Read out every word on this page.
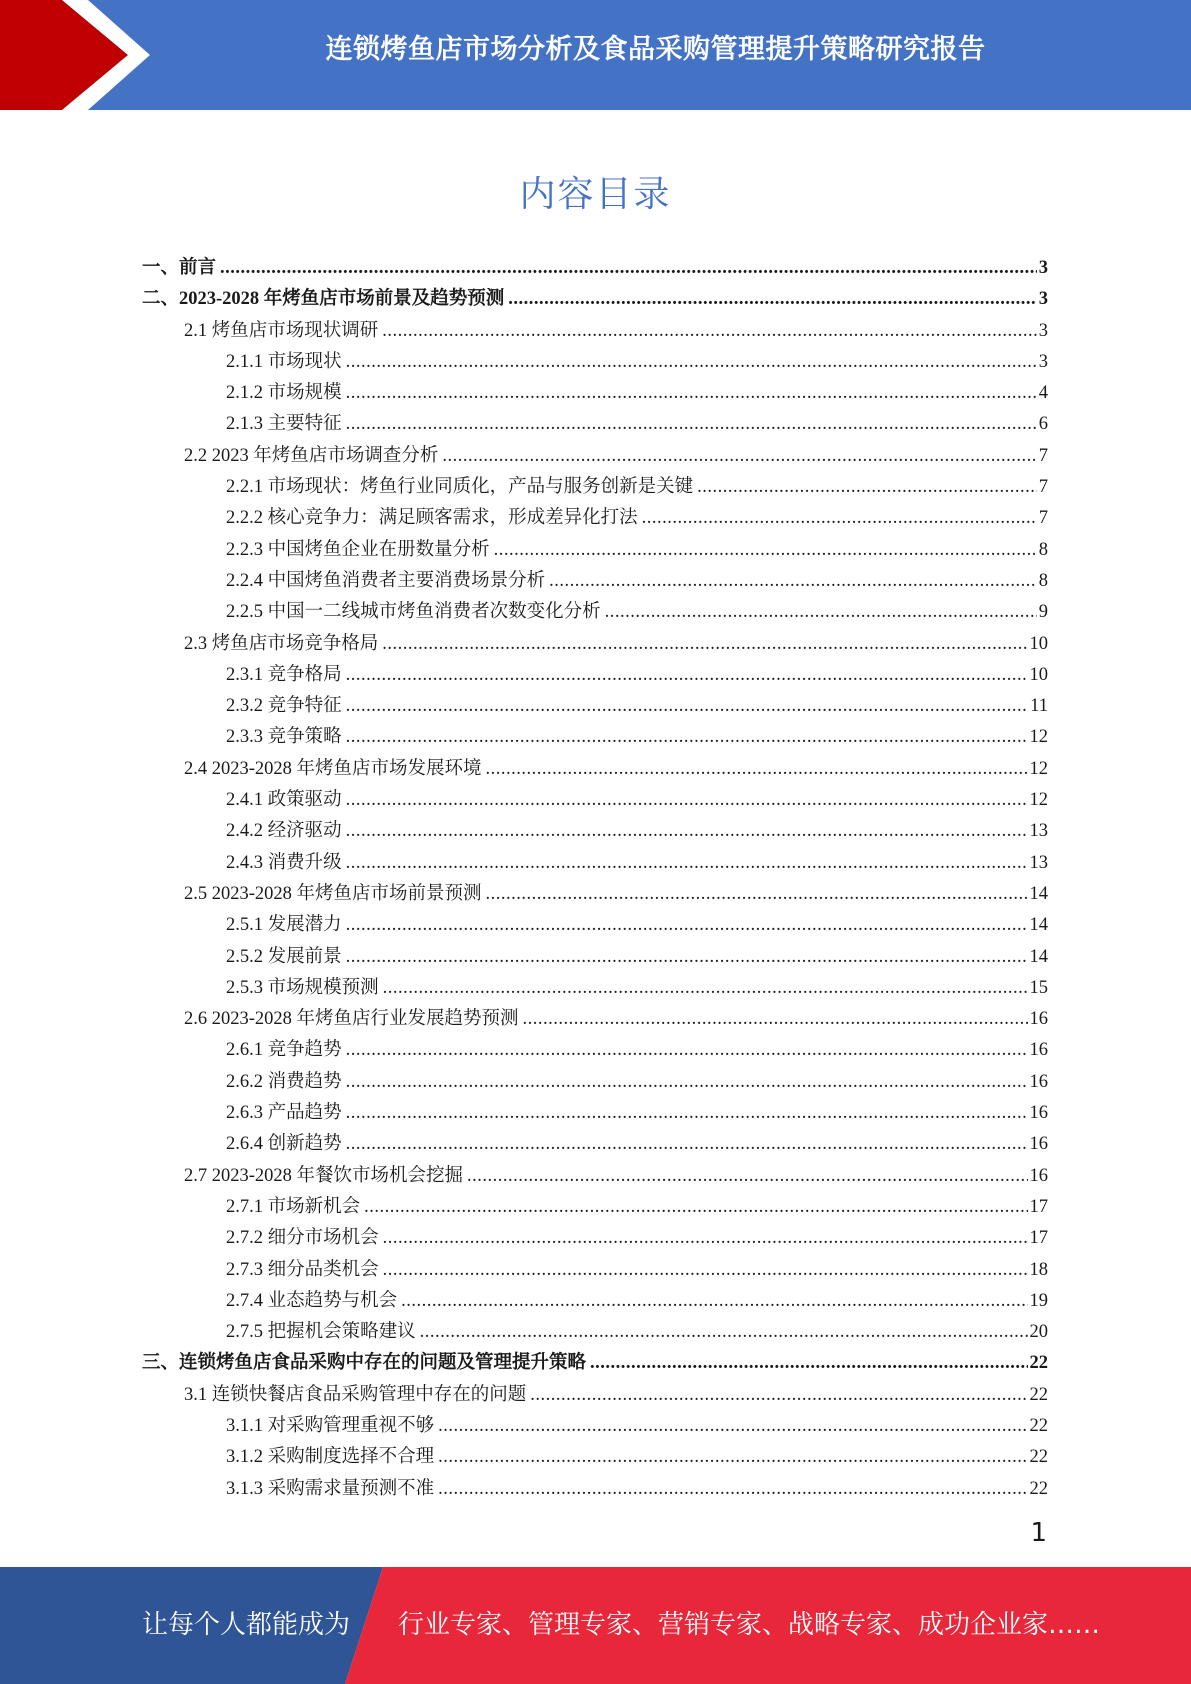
连锁烤鱼店市场分析及食品采购管理提升策略研究报告
内容目录
一、前言 .....	3
二、2023-2028 年烤鱼店市场前景及趋势预测 .....	3
2.1 烤鱼店市场现状调研 .....	3
2.1.1 市场现状 .....	3
2.1.2 市场规模 .....	4
2.1.3 主要特征 .....	6
2.2 2023 年烤鱼店市场调查分析 .....	7
2.2.1 市场现状：烤鱼行业同质化，产品与服务创新是关键 .....	7
2.2.2 核心竞争力：满足顾客需求，形成差异化打法 .....	7
2.2.3 中国烤鱼企业在册数量分析 .....	8
2.2.4 中国烤鱼消费者主要消费场景分析 .....	8
2.2.5 中国一二线城市烤鱼消费者次数变化分析 .....	9
2.3 烤鱼店市场竞争格局 .....	10
2.3.1 竞争格局 .....	10
2.3.2 竞争特征 .....	11
2.3.3 竞争策略 .....	12
2.4 2023-2028 年烤鱼店市场发展环境 .....	12
2.4.1 政策驱动 .....	12
2.4.2 经济驱动 .....	13
2.4.3 消费升级 .....	13
2.5 2023-2028 年烤鱼店市场前景预测 .....	14
2.5.1 发展潜力 .....	14
2.5.2 发展前景 .....	14
2.5.3 市场规模预测 .....	15
2.6 2023-2028 年烤鱼店行业发展趋势预测 .....	16
2.6.1 竞争趋势 .....	16
2.6.2 消费趋势 .....	16
2.6.3 产品趋势 .....	16
2.6.4 创新趋势 .....	16
2.7 2023-2028 年餐饮市场机会挖掘 .....	16
2.7.1 市场新机会 .....	17
2.7.2 细分市场机会 .....	17
2.7.3 细分品类机会 .....	18
2.7.4 业态趋势与机会 .....	19
2.7.5 把握机会策略建议 .....	20
三、连锁烤鱼店食品采购中存在的问题及管理提升策略 .....	22
3.1 连锁快餐店食品采购管理中存在的问题 .....	22
3.1.1 对采购管理重视不够 .....	22
3.1.2 采购制度选择不合理 .....	22
3.1.3 采购需求量预测不准 .....	22
1
让每个人都能成为 行业专家、管理专家、营销专家、战略专家、成功企业家……
